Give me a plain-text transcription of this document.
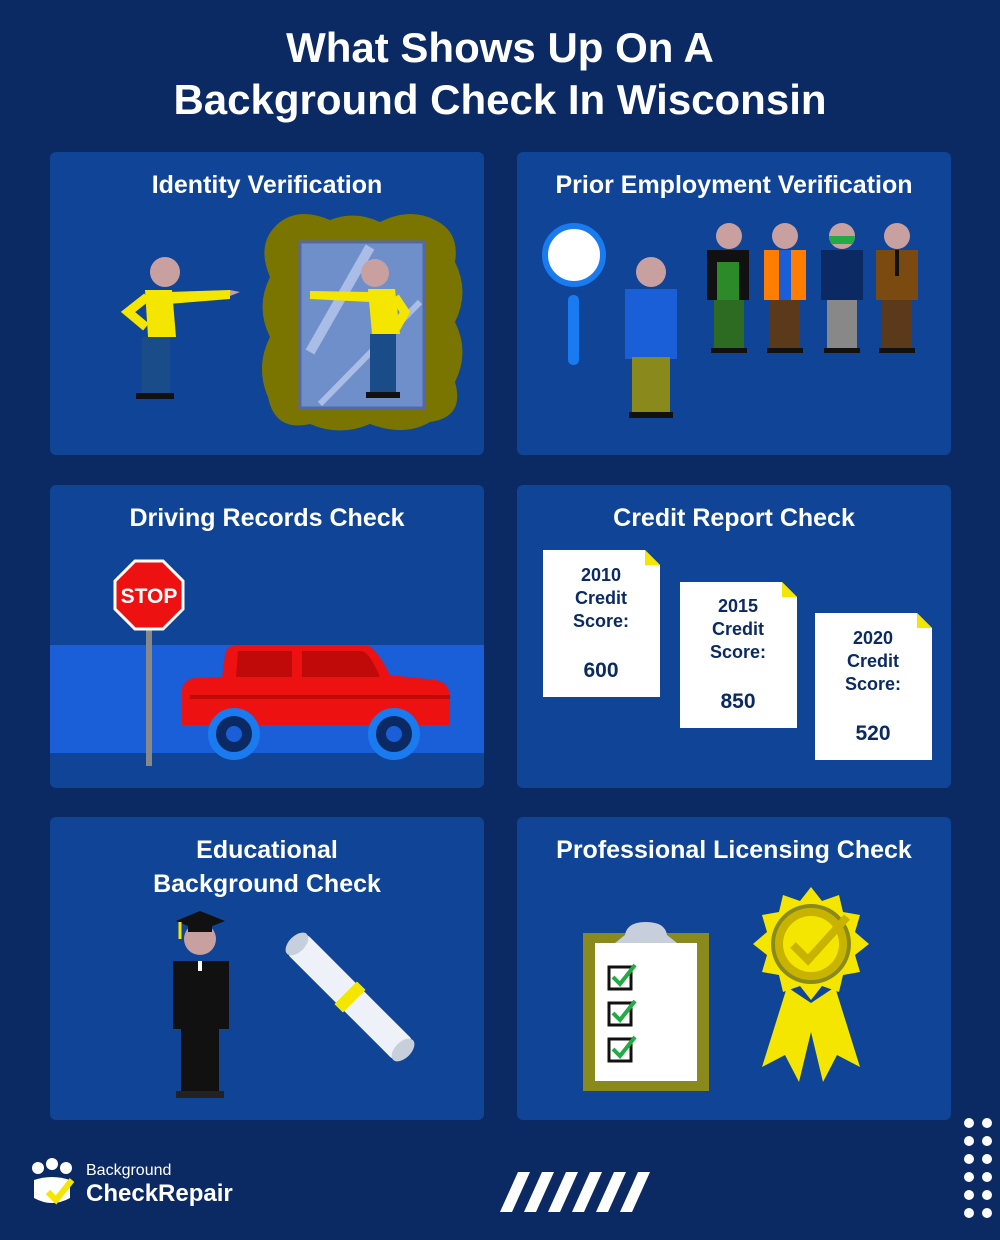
What Shows Up On A
Background Check In Wisconsin
Identity Verification	Prior Employment Verification
STOP
Driving Records Check
2010
Credit
Score:
600
2015
Credit
Score:
850
2020
Credit
Score:
520
Credit Report Check
Educational
Background Check
Professional Licensing Check
Background
CheckRepair
